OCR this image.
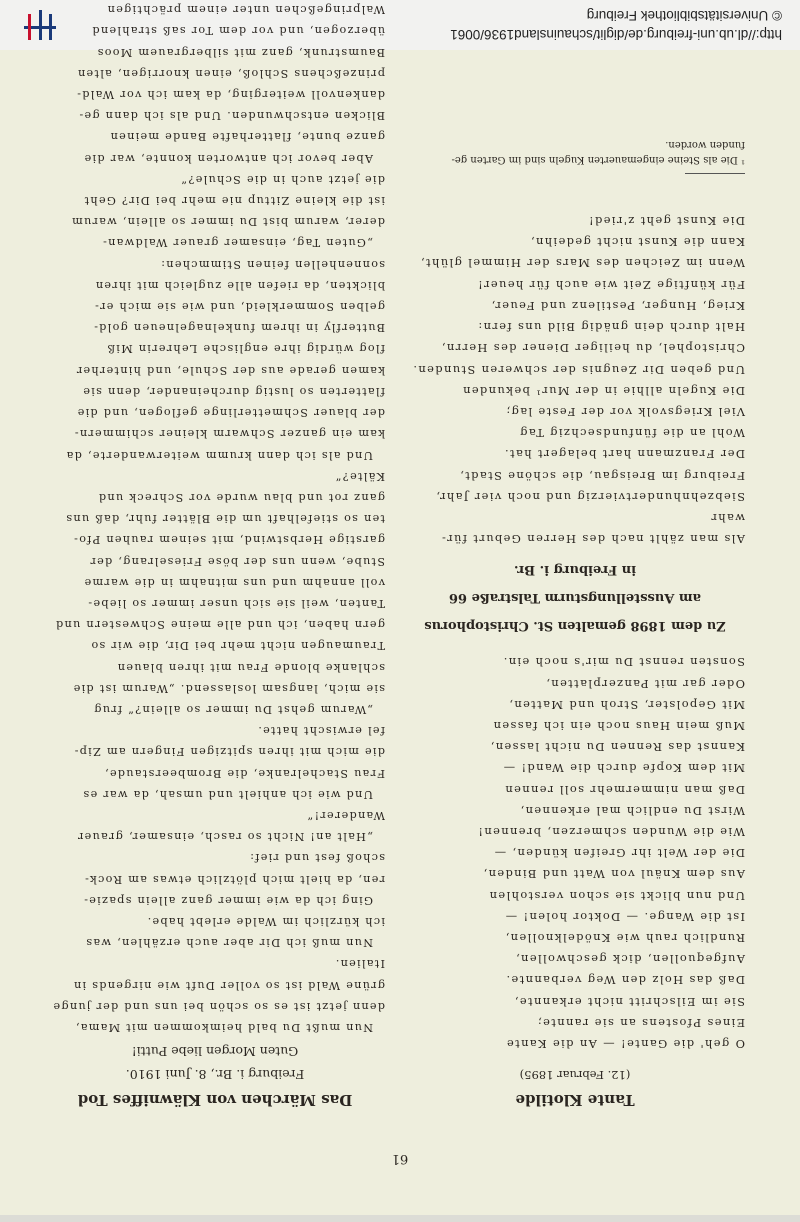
http://dl.ub.uni-freiburg.de/diglit/schauinsland1936/0061
© Universitätsbibliothek Freiburg
61
Tante Klotilde
(12. Februar 1895)

O geh' die Gante! — An die Kante

Eines Pfostens an sie rannte;

Sie im Eilschritt nicht erkannte,

Daß das Holz den Weg verbannte.

Aufgequollen, dick geschwollen,

Rundlich rauh wie Knödelknollen,

Ist die Wange. — Doktor holen! —

Und nun blickt sie schon verstohlen

Aus dem Knäul von Watt und Binden,

Die der Welt ihr Greifen künden, —

Wie die Wunden schmerzen, brennen!

Wirst Du endlich mal erkennen,

Daß man nimmermehr soll rennen

Mit dem Kopfe durch die Wand! —

Kannst das Rennen Du nicht lassen,

Muß mein Haus noch ein ich fassen

Mit Gepolster, Stroh und Matten,

Oder gar mit Panzerplatten,

Sonsten rennst Du mir's noch ein.

Zu dem 1898 gemalten St. Christophorus

am Ausstellungsturm Talstraße 66

in Freiburg i. Br.

Als man zählt nach des Herren Geburt für-

wahr

Siebzehnhundertvierzig und noch vier Jahr,

Freiburg im Breisgau, die schöne Stadt,

Der Franzmann hart belagert hat.

Wohl an die fünfundsechzig Tag

Viel Kriegsvolk vor der Feste lag;

Die Kugeln allhie in der Mur¹ bekunden

Und geben Dir Zeugnis der schweren Stunden.

Christophel, du heiliger Diener des Herrn,

Halt durch dein gnädig Bild uns fern:

Krieg, Hunger, Pestilenz und Feuer,

Für künftige Zeit wie auch für heuer!

Wenn im Zeichen des Mars der Himmel glüht,

Kann die Kunst nicht gedeihn,

Die Kunst geht z'ried!

¹ Die als Steine eingemauerten Kugeln sind im Garten ge-

funden worden.

Das Märchen von Kläwniffes Tod
Freiburg i. Br., 8. Juni 1910.
Guten Morgen liebe Putti!

Nun mußt Du bald heimkommen mit Mama,

denn jetzt ist es so schön bei uns und der junge

grüne Wald ist so voller Duft wie nirgends in

Italien.

Nun muß ich Dir aber auch erzählen, was

ich kürzlich im Walde erlebt habe.

Ging ich da wie immer ganz allein spazie-

ren, da hielt mich plötzlich etwas am Rock-

schoß fest und rief:

„Halt an! Nicht so rasch, einsamer, grauer

Wanderer!“

Und wie ich anhielt und umsah, da war es

Frau Stachelranke, die Brombeerstaude,

die mich mit ihren spitzigen Fingern am Zip-

fel erwischt hatte.

„Warum gehst Du immer so allein?“ frug

sie mich, langsam loslassend. „Warum ist die

schlanke blonde Frau mit ihren blauen

Traumaugen nicht mehr bei Dir, die wir so

gern haben, ich und alle meine Schwestern und

Tanten, weil sie sich unser immer so liebe-

voll annahm und uns mitnahm in die warme

Stube, wenn uns der böse Frieselrang, der

garstige Herbstwind, mit seinem rauhen Pfo-

ten so stiefelhaft um die Blätter fuhr, daß uns

ganz rot und blau wurde vor Schreck und

Kälte?“

Und als ich dann krumm weiterwanderte, da

kam ein ganzer Schwarm kleiner schimmern-

der blauer Schmetterlinge geflogen, und die

flatterten so lustig durcheinander, denn sie

kamen gerade aus der Schule, und hinterher

flog würdig ihre englische Lehrerin Miß

Butterfly in ihrem funkelnagelneuen gold-

gelben Sommerkleid, und wie sie mich er-

blickten, da riefen alle zugleich mit ihren

sonnenhellen feinen Stimmchen:

„Guten Tag, einsamer grauer Waldwan-

derer, warum bist Du immer so allein, warum

ist die kleine Zittup nie mehr bei Dir? Geht

die jetzt auch in die Schule?“

Aber bevor ich antworten konnte, war die

ganze bunte, flatterhafte Bande meinen

Blicken entschwunden. Und als ich dann ge-

dankenvoll weiterging, da kam ich vor Wald-

prinzeßchens Schloß, einen knorrigen, alten

Baumstrunk, ganz mit silbergrauem Moos

überzogen, und vor dem Tor saß strahlend

Walpringeßchen unter einem prächtigen
